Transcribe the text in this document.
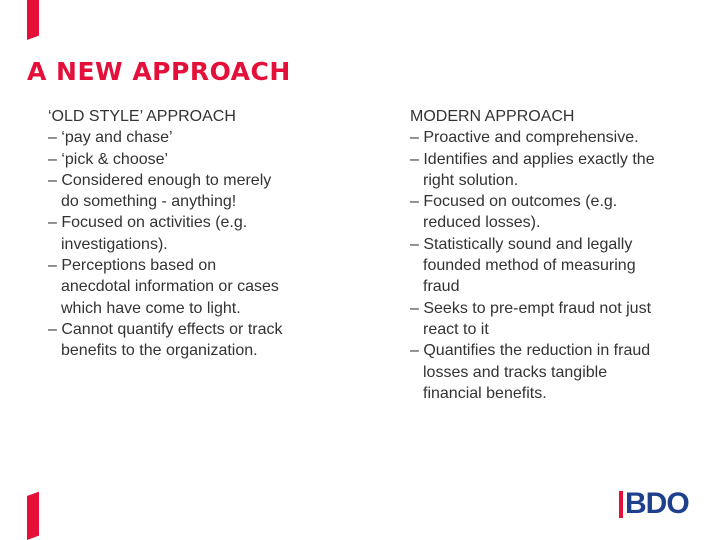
A NEW APPROACH
‘OLD STYLE’ APPROACH
– ‘pay and chase’
– ‘pick & choose’
– Considered enough to merely do something - anything!
– Focused on activities (e.g. investigations).
– Perceptions based on anecdotal information or cases which have come to light.
– Cannot quantify effects or track benefits to the organization.
MODERN APPROACH
– Proactive and comprehensive.
– Identifies and applies exactly the right solution.
– Focused on outcomes (e.g. reduced losses).
– Statistically sound and legally founded method of measuring fraud
– Seeks to pre-empt fraud not just react to it
– Quantifies the reduction in fraud losses and tracks tangible financial benefits.
BDO
